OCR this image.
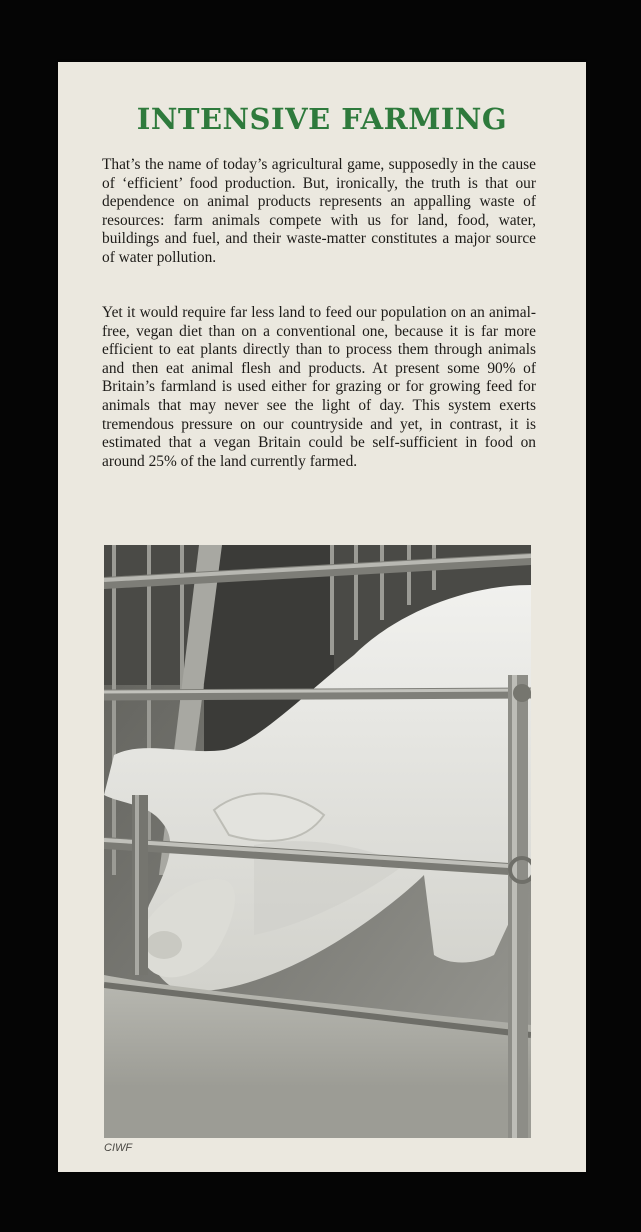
INTENSIVE FARMING

That’s the name of today’s agricultural game, supposedly in the cause of ‘efficient’ food production. But, ironically, the truth is that our dependence on animal products represents an appalling waste of resources: farm animals compete with us for land, food, water, buildings and fuel, and their waste-matter constitutes a major source of water pollution.

Yet it would require far less land to feed our population on an animal-free, vegan diet than on a conventional one, because it is far more efficient to eat plants directly than to process them through animals and then eat animal flesh and products. At present some 90% of Britain’s farmland is used either for grazing or for growing feed for animals that may never see the light of day. This system exerts tremendous pressure on our countryside and yet, in contrast, it is estimated that a vegan Britain could be self-sufficient in food on around 25% of the land currently farmed.

CIWF
